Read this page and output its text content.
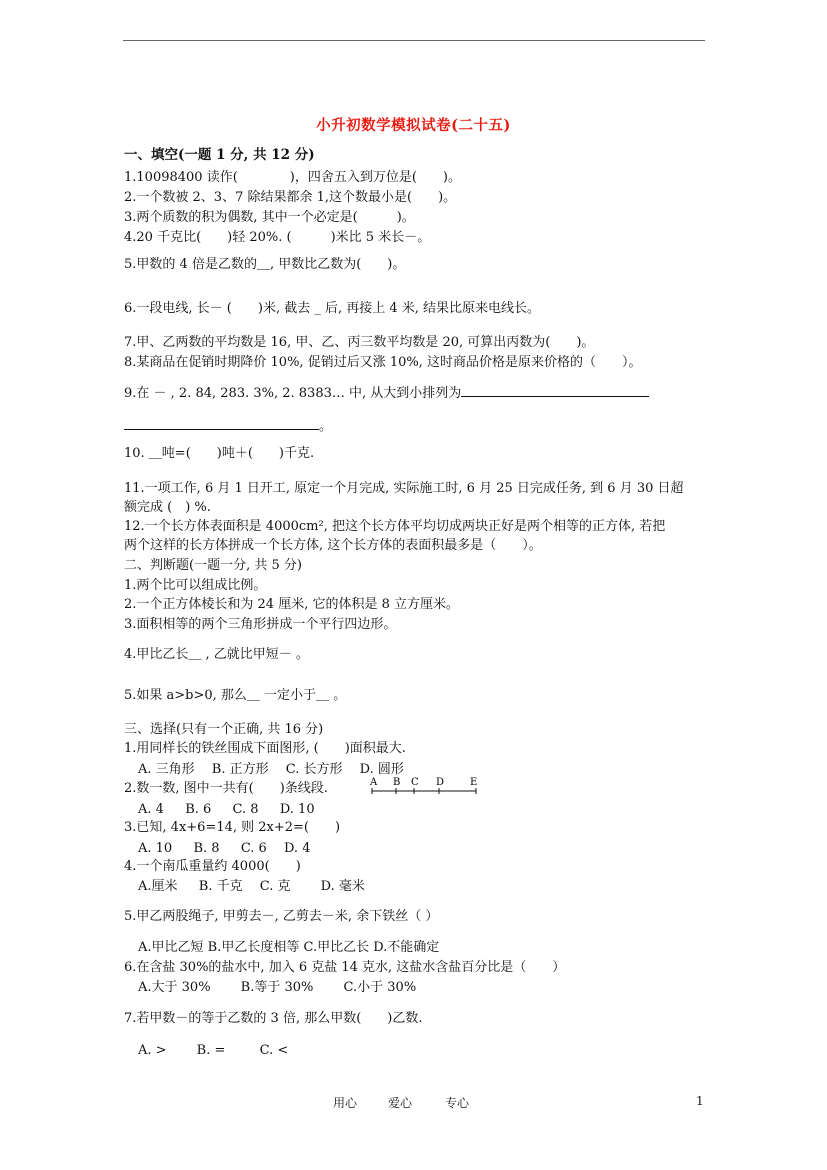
小升初数学模拟试卷(二十五)
一、填空(一题 1 分, 共 12 分)
1.10098400 读作(　　　　)，四舍五入到万位是(　　)。
2.一个数被 2、3、7 除结果都余 1,这个数最小是(　　)。
3.两个质数的积为偶数, 其中一个必定是(　　　)。
4.20 千克比(　　)轻 20%. (　　　)米比 5 米长－。
5.甲数的 4 倍是乙数的＿, 甲数比乙数为(　　)。
6.一段电线, 长－ (　　)米, 截去 _ 后, 再接上 4 米, 结果比原来电线长。
7.甲、乙两数的平均数是 16, 甲、乙、丙三数平均数是 20, 可算出丙数为(　　)。
8.某商品在促销时期降价 10%, 促销过后又涨 10%, 这时商品价格是原来价格的（　　）。
9.在 － , 2. 84, 283. 3%, 2. 8383… 中, 从大到小排列为
。
10. ＿吨=(　　)吨＋(　　)千克.
11.一项工作, 6 月 1 日开工, 原定一个月完成, 实际施工时, 6 月 25 日完成任务, 到 6 月 30 日超
额完成 (　) %.
12.一个长方体表面积是 4000cm², 把这个长方体平均切成两块正好是两个相等的正方体, 若把
两个这样的长方体拼成一个长方体, 这个长方体的表面积最多是（　　）。
二、判断题(一题一分, 共 5 分)
1.两个比可以组成比例。
2.一个正方体棱长和为 24 厘米, 它的体积是 8 立方厘米。
3.面积相等的两个三角形拼成一个平行四边形。
4.甲比乙长＿ , 乙就比甲短－ 。
5.如果 a>b>0, 那么＿ 一定小于＿ 。
三、选择(只有一个正确, 共 16 分)
1.用同样长的铁丝围成下面图形, (　　)面积最大.
A. 三角形　 B. 正方形　 C. 长方形　 D. 圆形
2.数一数, 图中一共有(　　)条线段.
A. 4 　 B. 6 　 C. 8 　 D. 10
A B C D	E
3.已知, 4x+6=14, 则 2x+2=(　　)
A. 10 　 B. 8 　 C. 6 　D. 4
4.一个南瓜重量约 4000(　　)
A.厘米 　 B. 千克 　C. 克 　　D. 毫米
5.甲乙两股绳子, 甲剪去－, 乙剪去－米, 余下铁丝（ ）
A.甲比乙短 B.甲乙长度相等 C.甲比乙长 D.不能确定
6.在含盐 30%的盐水中, 加入 6 克盐 14 克水, 这盐水含盐百分比是（　　）
A.大于 30% 　　B.等于 30% 　　C.小于 30%
7.若甲数－的等于乙数的 3 倍, 那么甲数(　　)乙数.
A. > 　　B. = 　　 C. <
用心	爱心	专心	1
